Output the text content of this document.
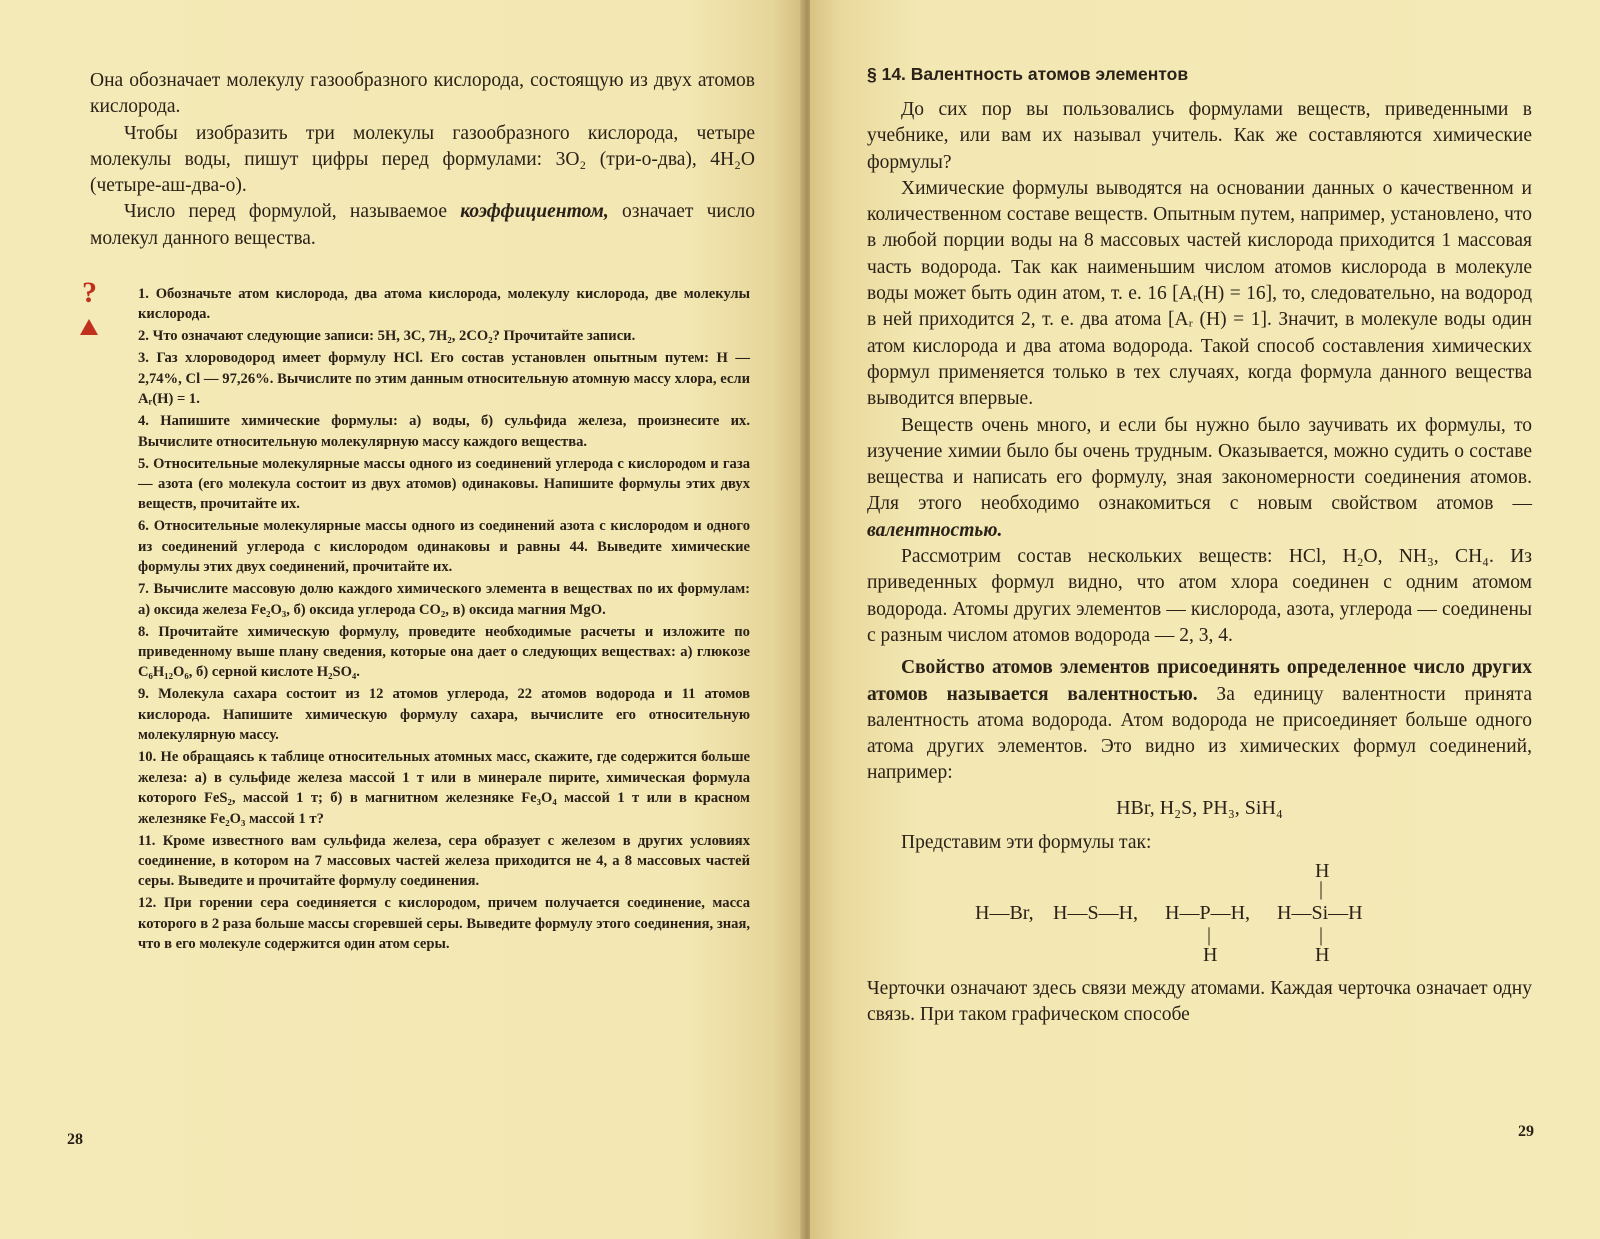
Она обозначает молекулу газообразного кислорода, состоящую из двух атомов кислорода.

Чтобы изобразить три молекулы газообразного кислорода, четыре молекулы воды, пишут цифры перед формулами: 3O₂ (три-о-два), 4H₂O (четыре-аш-два-о).

Число перед формулой, называемое коэффициентом, означает число молекул данного вещества.

?	1. Обозначьте атом кислорода, два атома кислорода, молекулу кислорода, две молекулы кислорода.

2. Что означают следующие записи: 5H, 3C, 7H₂, 2CO₂? Прочитайте записи.

3. Газ хлороводород имеет формулу HCl. Его состав установлен опытным путем: H — 2,74%, Cl — 97,26%. Вычислите по этим данным относительную атомную массу хлора, если Aᵣ(H) = 1.

4. Напишите химические формулы: а) воды, б) сульфида железа, произнесите их. Вычислите относительную молекулярную массу каждого вещества.

5. Относительные молекулярные массы одного из соединений углерода с кислородом и газа — азота (его молекула состоит из двух атомов) одинаковы. Напишите формулы этих двух веществ, прочитайте их.

6. Относительные молекулярные массы одного из соединений азота с кислородом и одного из соединений углерода с кислородом одинаковы и равны 44. Выведите химические формулы этих двух соединений, прочитайте их.

7. Вычислите массовую долю каждого химического элемента в веществах по их формулам: а) оксида железа Fe₂O₃, б) оксида углерода CO₂, в) оксида магния MgO.

8. Прочитайте химическую формулу, проведите необходимые расчеты и изложите по приведенному выше плану сведения, которые она дает о следующих веществах: а) глюкозе C₆H₁₂O₆, б) серной кислоте H₂SO₄.

9. Молекула сахара состоит из 12 атомов углерода, 22 атомов водорода и 11 атомов кислорода. Напишите химическую формулу сахара, вычислите его относительную молекулярную массу.

10. Не обращаясь к таблице относительных атомных масс, скажите, где содержится больше железа: а) в сульфиде железа массой 1 т или в минерале пирите, химическая формула которого FeS₂, массой 1 т; б) в магнитном железняке Fe₃O₄ массой 1 т или в красном железняке Fe₂O₃ массой 1 т?

11. Кроме известного вам сульфида железа, сера образует с железом в других условиях соединение, в котором на 7 массовых частей железа приходится не 4, а 8 массовых частей серы. Выведите и прочитайте формулу соединения.

12. При горении сера соединяется с кислородом, причем получается соединение, масса которого в 2 раза больше массы сгоревшей серы. Выведите формулу этого соединения, зная, что в его молекуле содержится один атом серы.

28

§ 14. Валентность атомов элементов

До сих пор вы пользовались формулами веществ, приведенными в учебнике, или вам их называл учитель. Как же составляются химические формулы?

Химические формулы выводятся на основании данных о качественном и количественном составе веществ. Опытным путем, например, установлено, что в любой порции воды на 8 массовых частей кислорода приходится 1 массовая часть водорода. Так как наименьшим числом атомов кислорода в молекуле воды может быть один атом, т. е. 16 [Aᵣ(H) = 16], то, следовательно, на водород в ней приходится 2, т. е. два атома [Aᵣ (H) = 1]. Значит, в молекуле воды один атом кислорода и два атома водорода. Такой способ составления химических формул применяется только в тех случаях, когда формула данного вещества выводится впервые.

Веществ очень много, и если бы нужно было заучивать их формулы, то изучение химии было бы очень трудным. Оказывается, можно судить о составе вещества и написать его формулу, зная закономерности соединения атомов. Для этого необходимо ознакомиться с новым свойством атомов — валентностью.

Рассмотрим состав нескольких веществ: HCl, H₂O, NH₃, CH₄. Из приведенных формул видно, что атом хлора соединен с одним атомом водорода. Атомы других элементов — кислорода, азота, углерода — соединены с разным числом атомов водорода — 2, 3, 4.

Свойство атомов элементов присоединять определенное число других атомов называется валентностью. За единицу валентности принята валентность атома водорода. Атом водорода не присоединяет больше одного атома других элементов. Это видно из химических формул соединений, например:

HBr, H₂S, PH₃, SiH₄

Представим эти формулы так:

H
|
H—Br, H—S—H, H—P—H, H—Si—H
|	|
H	H

Черточки означают здесь связи между атомами. Каждая черточка означает одну связь. При таком графическом способе

29
